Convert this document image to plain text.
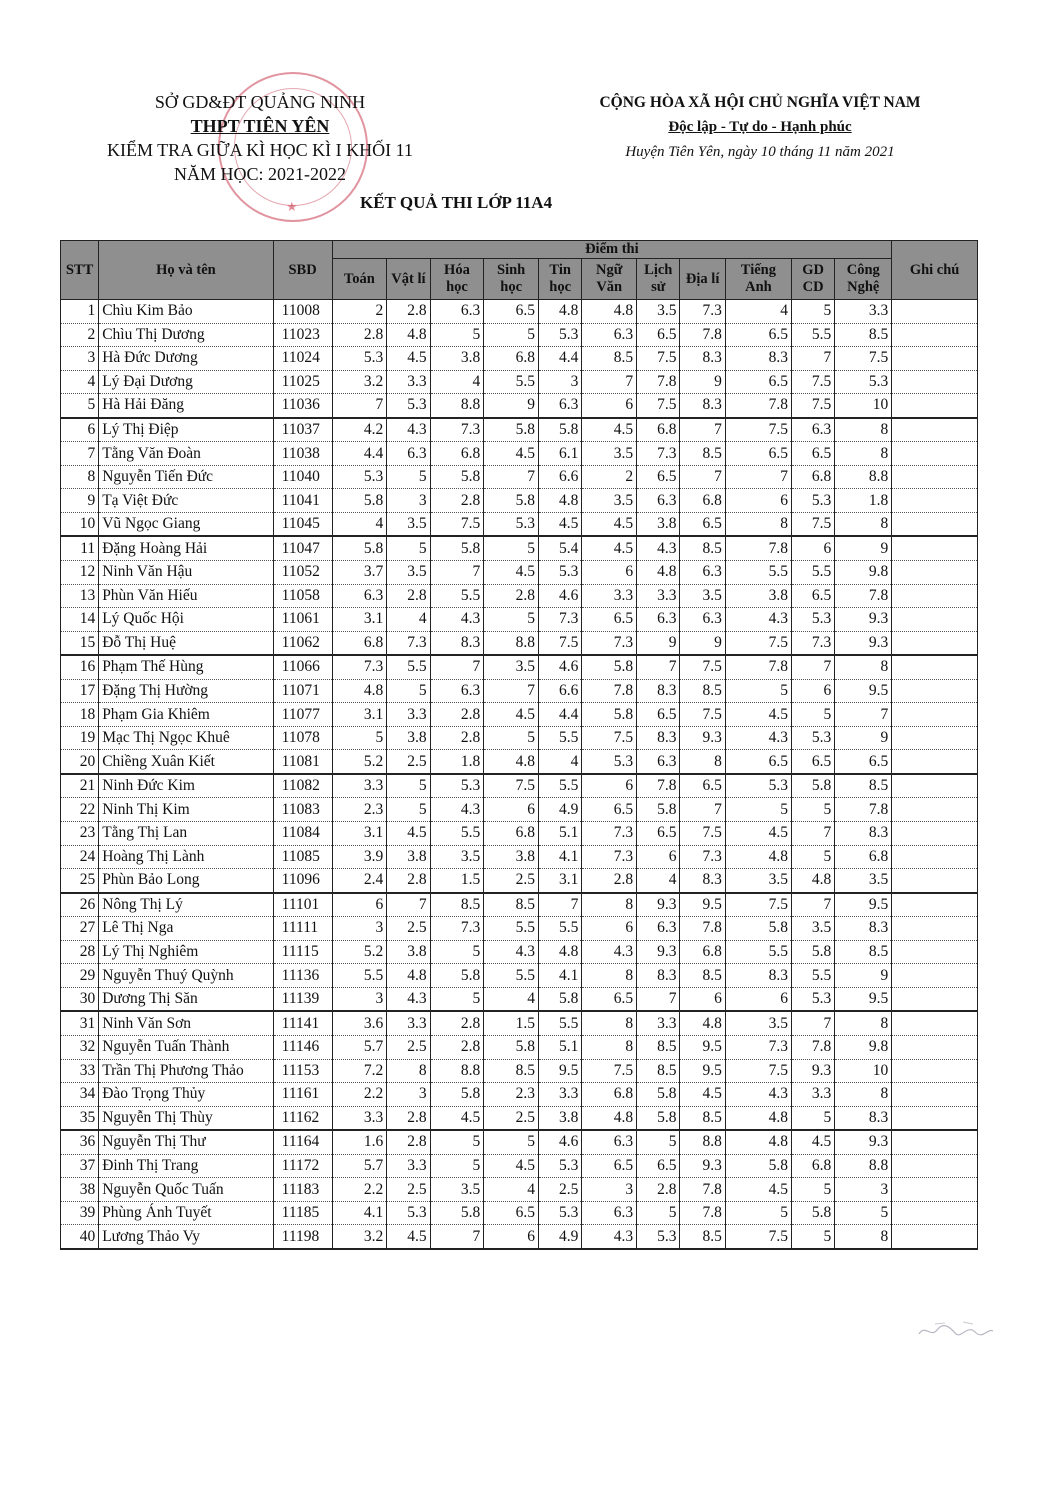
★
SỞ GD&ĐT QUẢNG NINH
THPT TIÊN YÊN
KIỂM TRA GIỮA KÌ HỌC KÌ I KHỐI 11
NĂM HỌC: 2021-2022
CỘNG HÒA XÃ HỘI CHỦ NGHĨA VIỆT NAM
Độc lập - Tự do - Hạnh phúc
Huyện Tiên Yên, ngày 10 tháng 11 năm 2021
KẾT QUẢ THI LỚP 11A4
STT	Họ và tên	SBD	Điểm thi											Ghi chú
			Toán	Vật lí	Hóa học	Sinh học	Tin học	Ngữ Văn	Lịch sử	Địa lí	Tiếng Anh	GD CD	Công Nghệ	
1	Chìu Kim Bảo	11008	2	2.8	6.3	6.5	4.8	4.8	3.5	7.3	4	5	3.3	
2	Chìu Thị Dương	11023	2.8	4.8	5	5	5.3	6.3	6.5	7.8	6.5	5.5	8.5	
3	Hà Đức Dương	11024	5.3	4.5	3.8	6.8	4.4	8.5	7.5	8.3	8.3	7	7.5	
4	Lý Đại Dương	11025	3.2	3.3	4	5.5	3	7	7.8	9	6.5	7.5	5.3	
5	Hà Hải Đăng	11036	7	5.3	8.8	9	6.3	6	7.5	8.3	7.8	7.5	10	
6	Lý Thị Điệp	11037	4.2	4.3	7.3	5.8	5.8	4.5	6.8	7	7.5	6.3	8	
7	Tằng Văn Đoàn	11038	4.4	6.3	6.8	4.5	6.1	3.5	7.3	8.5	6.5	6.5	8	
8	Nguyễn Tiến Đức	11040	5.3	5	5.8	7	6.6	2	6.5	7	7	6.8	8.8	
9	Tạ Việt Đức	11041	5.8	3	2.8	5.8	4.8	3.5	6.3	6.8	6	5.3	1.8	
10	Vũ Ngọc Giang	11045	4	3.5	7.5	5.3	4.5	4.5	3.8	6.5	8	7.5	8	
11	Đặng Hoàng Hải	11047	5.8	5	5.8	5	5.4	4.5	4.3	8.5	7.8	6	9	
12	Ninh Văn Hậu	11052	3.7	3.5	7	4.5	5.3	6	4.8	6.3	5.5	5.5	9.8	
13	Phùn Văn Hiếu	11058	6.3	2.8	5.5	2.8	4.6	3.3	3.3	3.5	3.8	6.5	7.8	
14	Lý Quốc Hội	11061	3.1	4	4.3	5	7.3	6.5	6.3	6.3	4.3	5.3	9.3	
15	Đỗ Thị Huệ	11062	6.8	7.3	8.3	8.8	7.5	7.3	9	9	7.5	7.3	9.3	
16	Phạm Thế Hùng	11066	7.3	5.5	7	3.5	4.6	5.8	7	7.5	7.8	7	8	
17	Đặng Thị Hường	11071	4.8	5	6.3	7	6.6	7.8	8.3	8.5	5	6	9.5	
18	Phạm Gia Khiêm	11077	3.1	3.3	2.8	4.5	4.4	5.8	6.5	7.5	4.5	5	7	
19	Mạc Thị Ngọc Khuê	11078	5	3.8	2.8	5	5.5	7.5	8.3	9.3	4.3	5.3	9	
20	Chiềng Xuân Kiết	11081	5.2	2.5	1.8	4.8	4	5.3	6.3	8	6.5	6.5	6.5	
21	Ninh Đức Kim	11082	3.3	5	5.3	7.5	5.5	6	7.8	6.5	5.3	5.8	8.5	
22	Ninh Thị Kim	11083	2.3	5	4.3	6	4.9	6.5	5.8	7	5	5	7.8	
23	Tằng Thị Lan	11084	3.1	4.5	5.5	6.8	5.1	7.3	6.5	7.5	4.5	7	8.3	
24	Hoàng Thị Lành	11085	3.9	3.8	3.5	3.8	4.1	7.3	6	7.3	4.8	5	6.8	
25	Phùn Bảo Long	11096	2.4	2.8	1.5	2.5	3.1	2.8	4	8.3	3.5	4.8	3.5	
26	Nông Thị Lý	11101	6	7	8.5	8.5	7	8	9.3	9.5	7.5	7	9.5	
27	Lê Thị Nga	11111	3	2.5	7.3	5.5	5.5	6	6.3	7.8	5.8	3.5	8.3	
28	Lý Thị Nghiêm	11115	5.2	3.8	5	4.3	4.8	4.3	9.3	6.8	5.5	5.8	8.5	
29	Nguyễn Thuý Quỳnh	11136	5.5	4.8	5.8	5.5	4.1	8	8.3	8.5	8.3	5.5	9	
30	Dương Thị Săn	11139	3	4.3	5	4	5.8	6.5	7	6	6	5.3	9.5	
31	Ninh Văn Sơn	11141	3.6	3.3	2.8	1.5	5.5	8	3.3	4.8	3.5	7	8	
32	Nguyễn Tuấn Thành	11146	5.7	2.5	2.8	5.8	5.1	8	8.5	9.5	7.3	7.8	9.8	
33	Trần Thị Phương Thảo	11153	7.2	8	8.8	8.5	9.5	7.5	8.5	9.5	7.5	9.3	10	
34	Đào Trọng Thủy	11161	2.2	3	5.8	2.3	3.3	6.8	5.8	4.5	4.3	3.3	8	
35	Nguyễn Thị Thùy	11162	3.3	2.8	4.5	2.5	3.8	4.8	5.8	8.5	4.8	5	8.3	
36	Nguyễn Thị Thư	11164	1.6	2.8	5	5	4.6	6.3	5	8.8	4.8	4.5	9.3	
37	Đinh Thị Trang	11172	5.7	3.3	5	4.5	5.3	6.5	6.5	9.3	5.8	6.8	8.8	
38	Nguyễn Quốc Tuấn	11183	2.2	2.5	3.5	4	2.5	3	2.8	7.8	4.5	5	3	
39	Phùng Ánh Tuyết	11185	4.1	5.3	5.8	6.5	5.3	6.3	5	7.8	5	5.8	5	
40	Lương Thảo Vy	11198	3.2	4.5	7	6	4.9	4.3	5.3	8.5	7.5	5	8	
